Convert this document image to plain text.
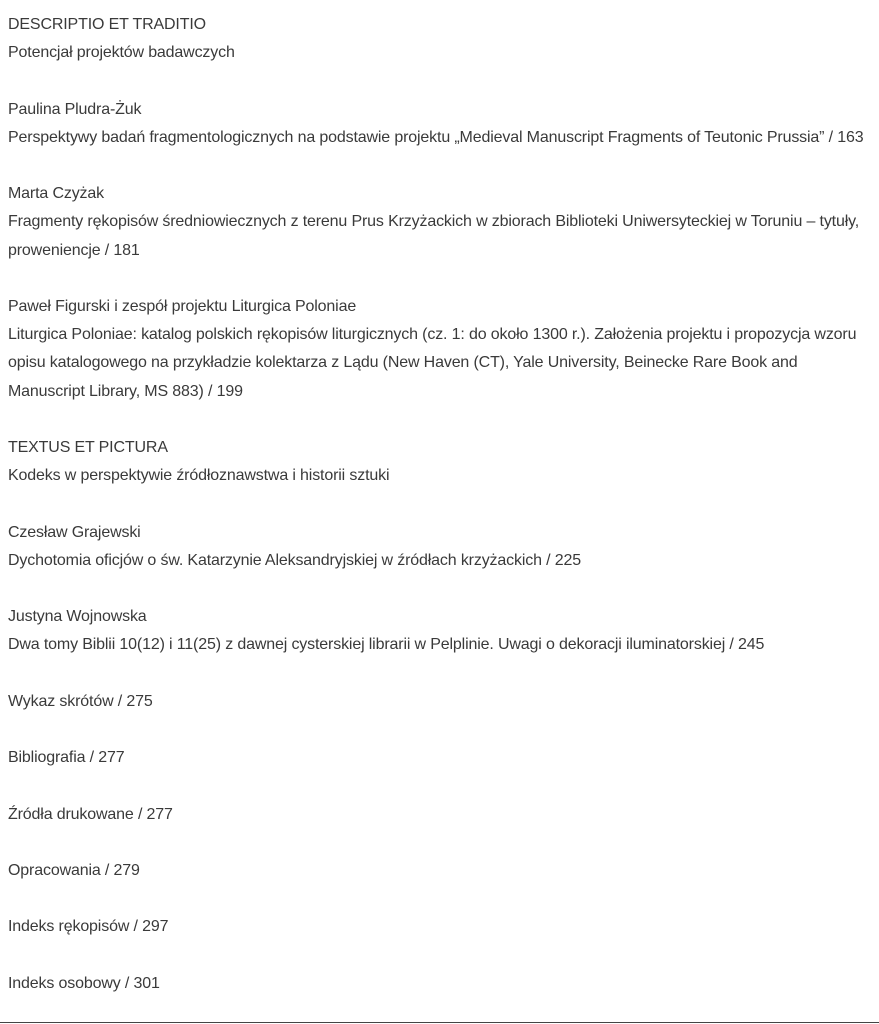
DESCRIPTIO ET TRADITIO

Potencjał projektów badawczych

Paulina Pludra-Żuk

Perspektywy badań fragmentologicznych na podstawie projektu „Medieval Manuscript Fragments of Teutonic Prussia” / 163

Marta Czyżak

Fragmenty rękopisów średniowiecznych z terenu Prus Krzyżackich w zbiorach Biblioteki Uniwersyteckiej w Toruniu – tytuły, proweniencje / 181

Paweł Figurski i zespół projektu Liturgica Poloniae

Liturgica Poloniae: katalog polskich rękopisów liturgicznych (cz. 1: do około 1300 r.). Założenia projektu i propozycja wzoru opisu katalogowego na przykładzie kolektarza z Lądu (New Haven (CT), Yale University, Beinecke Rare Book and Manuscript Library, MS 883) / 199

TEXTUS ET PICTURA

Kodeks w perspektywie źródłoznawstwa i historii sztuki

Czesław Grajewski

Dychotomia oficjów o św. Katarzynie Aleksandryjskiej w źródłach krzyżackich / 225

Justyna Wojnowska

Dwa tomy Biblii 10(12) i 11(25) z dawnej cysterskiej librarii w Pelplinie. Uwagi o dekoracji iluminatorskiej / 245

Wykaz skrótów / 275

Bibliografia / 277

Źródła drukowane / 277

Opracowania / 279

Indeks rękopisów / 297

Indeks osobowy / 301
